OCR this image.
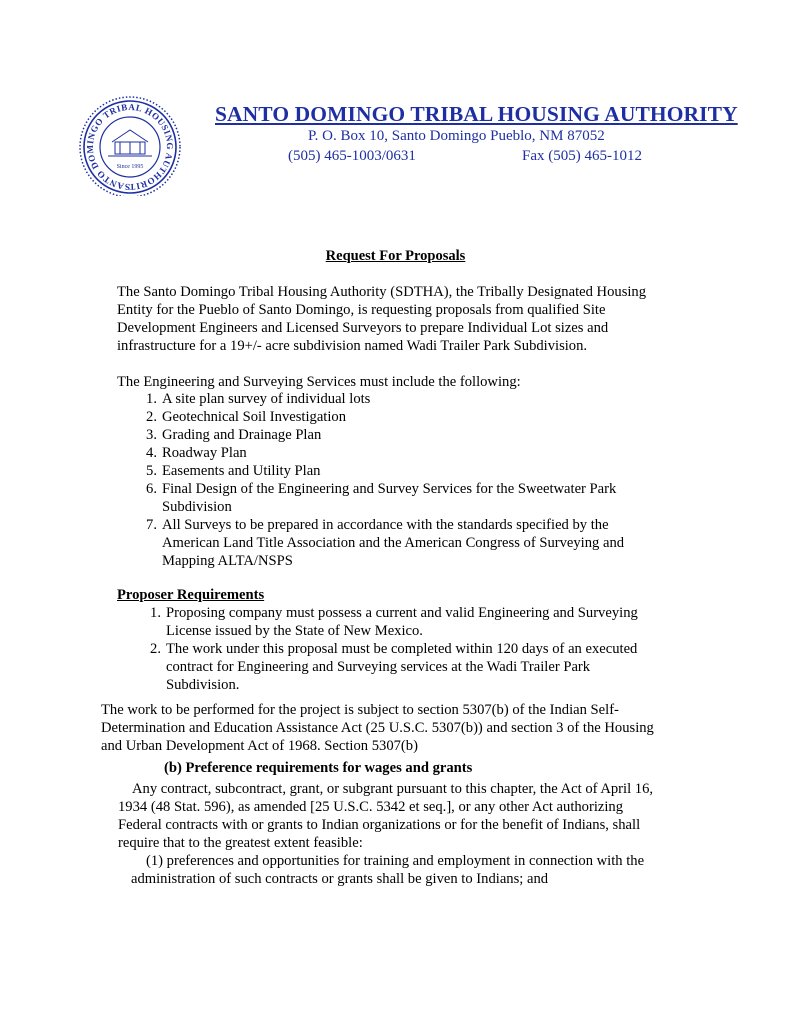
SANTO DOMINGO TRIBAL HOUSING AUTHORIT
Since 1995
SANTO DOMINGO TRIBAL HOUSING AUTHORITY
P. O. Box 10, Santo Domingo Pueblo, NM 87052
(505) 465-1003/0631	Fax (505) 465-1012
Request For Proposals
The Santo Domingo Tribal Housing Authority (SDTHA), the Tribally Designated Housing
Entity for the Pueblo of Santo Domingo, is requesting proposals from qualified Site
Development Engineers and Licensed Surveyors to prepare Individual Lot sizes and
infrastructure for a 19+/- acre subdivision named Wadi Trailer Park Subdivision.
The Engineering and Surveying Services must include the following:
1. A site plan survey of individual lots
2. Geotechnical Soil Investigation
3. Grading and Drainage Plan
4. Roadway Plan
5. Easements and Utility Plan
6. Final Design of the Engineering and Survey Services for the Sweetwater Park
Subdivision
7. All Surveys to be prepared in accordance with the standards specified by the
American Land Title Association and the American Congress of Surveying and
Mapping ALTA/NSPS
Proposer Requirements
1. Proposing company must possess a current and valid Engineering and Surveying
License issued by the State of New Mexico.
2. The work under this proposal must be completed within 120 days of an executed
contract for Engineering and Surveying services at the Wadi Trailer Park
Subdivision.
The work to be performed for the project is subject to section 5307(b) of the Indian Self-
Determination and Education Assistance Act (25 U.S.C. 5307(b)) and section 3 of the Housing
and Urban Development Act of 1968. Section 5307(b)
(b) Preference requirements for wages and grants
Any contract, subcontract, grant, or subgrant pursuant to this chapter, the Act of April 16,
1934 (48 Stat. 596), as amended [25 U.S.C. 5342 et seq.], or any other Act authorizing
Federal contracts with or grants to Indian organizations or for the benefit of Indians, shall
require that to the greatest extent feasible:
(1) preferences and opportunities for training and employment in connection with the
administration of such contracts or grants shall be given to Indians; and
